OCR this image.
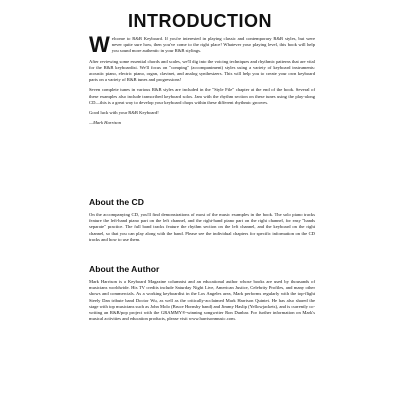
INTRODUCTION

Welcome to R&B Keyboard. If you're interested in playing classic and contemporary R&B styles, but were never quite sure how, then you've come to the right place! Whatever your playing level, this book will help you sound more authentic in your R&B stylings.

After reviewing some essential chords and scales, we'll dig into the voicing techniques and rhythmic patterns that are vital for the R&B keyboardist. We'll focus on "comping" (accompaniment) styles using a variety of keyboard instruments: acoustic piano, electric piano, organ, clavinet, and analog synthesizers. This will help you to create your own keyboard parts on a variety of R&B tunes and progressions!

Seven complete tunes in various R&B styles are included in the "Style File" chapter at the end of the book. Several of these examples also include transcribed keyboard solos. Jam with the rhythm section on these tunes using the play-along CD—this is a great way to develop your keyboard chops within these different rhythmic grooves.

Good luck with your R&B Keyboard!

—Mark Harrison

About the CD

On the accompanying CD, you'll find demonstrations of most of the music examples in the book. The solo piano tracks feature the left-hand piano part on the left channel, and the right-hand piano part on the right channel, for easy "hands separate" practice. The full band tracks feature the rhythm section on the left channel, and the keyboard on the right channel, so that you can play along with the band. Please see the individual chapters for specific information on the CD tracks and how to use them.

About the Author

Mark Harrison is a Keyboard Magazine columnist and an educational author whose books are used by thousands of musicians worldwide. His TV credits include Saturday Night Live, American Justice, Celebrity Profiles, and many other shows and commercials. As a working keyboardist in the Los Angeles area, Mark performs regularly with the top-flight Steely Dan tribute band Doctor Wu, as well as the critically-acclaimed Mark Harrison Quintet. He has also shared the stage with top musicians such as John Molo (Bruce Hornsby band) and Jimmy Haslip (Yellowjackets), and is currently co-writing an R&B/pop project with the GRAMMY®-winning songwriter Ron Dunbar. For further information on Mark's musical activities and education products, please visit www.harrisonmusic.com.
